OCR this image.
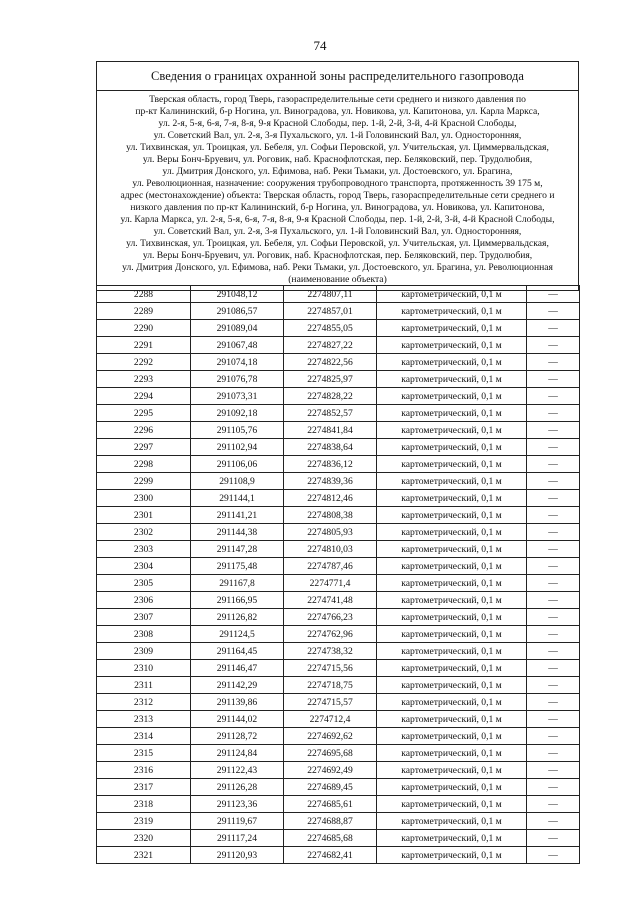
74
Сведения о границах охранной зоны распределительного газопровода
Тверская область, город Тверь, газораспределительные сети среднего и низкого давления по
пр-кт Калининский, б-р Ногина, ул. Виноградова, ул. Новикова, ул. Капитонова, ул. Карла Маркса,
ул. 2-я, 5-я, 6-я, 7-я, 8-я, 9-я Красной Слободы, пер. 1-й, 2-й, 3-й, 4-й Красной Слободы,
ул. Советский Вал, ул. 2-я, 3-я Пухальского, ул. 1-й Головинский Вал, ул. Односторонняя,
ул. Тихвинская, ул. Троицкая, ул. Бебеля, ул. Софьи Перовской, ул. Учительская, ул. Циммервальдская,
ул. Веры Бонч-Бруевич, ул. Роговик, наб. Краснофлотская, пер. Беляковский, пер. Трудолюбия,
ул. Дмитрия Донского, ул. Ефимова, наб. Реки Тьмаки, ул. Достоевского, ул. Брагина,
ул. Революционная, назначение: сооружения трубопроводного транспорта, протяженность 39 175 м,
адрес (местонахождение) объекта: Тверская область, город Тверь, газораспределительные сети среднего и
низкого давления по пр-кт Калининский, б-р Ногина, ул. Виноградова, ул. Новикова, ул. Капитонова,
ул. Карла Маркса, ул. 2-я, 5-я, 6-я, 7-я, 8-я, 9-я Красной Слободы, пер. 1-й, 2-й, 3-й, 4-й Красной Слободы,
ул. Советский Вал, ул. 2-я, 3-я Пухальского, ул. 1-й Головинский Вал, ул. Односторонняя,
ул. Тихвинская, ул. Троицкая, ул. Бебеля, ул. Софьи Перовской, ул. Учительская, ул. Циммервальдская,
ул. Веры Бонч-Бруевич, ул. Роговик, наб. Краснофлотская, пер. Беляковский, пер. Трудолюбия,
ул. Дмитрия Донского, ул. Ефимова, наб. Реки Тьмаки, ул. Достоевского, ул. Брагина, ул. Революционная
(наименование объекта)
2288	291048,12	2274807,11	картометрический, 0,1 м	—
2289	291086,57	2274857,01	картометрический, 0,1 м	—
2290	291089,04	2274855,05	картометрический, 0,1 м	—
2291	291067,48	2274827,22	картометрический, 0,1 м	—
2292	291074,18	2274822,56	картометрический, 0,1 м	—
2293	291076,78	2274825,97	картометрический, 0,1 м	—
2294	291073,31	2274828,22	картометрический, 0,1 м	—
2295	291092,18	2274852,57	картометрический, 0,1 м	—
2296	291105,76	2274841,84	картометрический, 0,1 м	—
2297	291102,94	2274838,64	картометрический, 0,1 м	—
2298	291106,06	2274836,12	картометрический, 0,1 м	—
2299	291108,9	2274839,36	картометрический, 0,1 м	—
2300	291144,1	2274812,46	картометрический, 0,1 м	—
2301	291141,21	2274808,38	картометрический, 0,1 м	—
2302	291144,38	2274805,93	картометрический, 0,1 м	—
2303	291147,28	2274810,03	картометрический, 0,1 м	—
2304	291175,48	2274787,46	картометрический, 0,1 м	—
2305	291167,8	2274771,4	картометрический, 0,1 м	—
2306	291166,95	2274741,48	картометрический, 0,1 м	—
2307	291126,82	2274766,23	картометрический, 0,1 м	—
2308	291124,5	2274762,96	картометрический, 0,1 м	—
2309	291164,45	2274738,32	картометрический, 0,1 м	—
2310	291146,47	2274715,56	картометрический, 0,1 м	—
2311	291142,29	2274718,75	картометрический, 0,1 м	—
2312	291139,86	2274715,57	картометрический, 0,1 м	—
2313	291144,02	2274712,4	картометрический, 0,1 м	—
2314	291128,72	2274692,62	картометрический, 0,1 м	—
2315	291124,84	2274695,68	картометрический, 0,1 м	—
2316	291122,43	2274692,49	картометрический, 0,1 м	—
2317	291126,28	2274689,45	картометрический, 0,1 м	—
2318	291123,36	2274685,61	картометрический, 0,1 м	—
2319	291119,67	2274688,87	картометрический, 0,1 м	—
2320	291117,24	2274685,68	картометрический, 0,1 м	—
2321	291120,93	2274682,41	картометрический, 0,1 м	—
